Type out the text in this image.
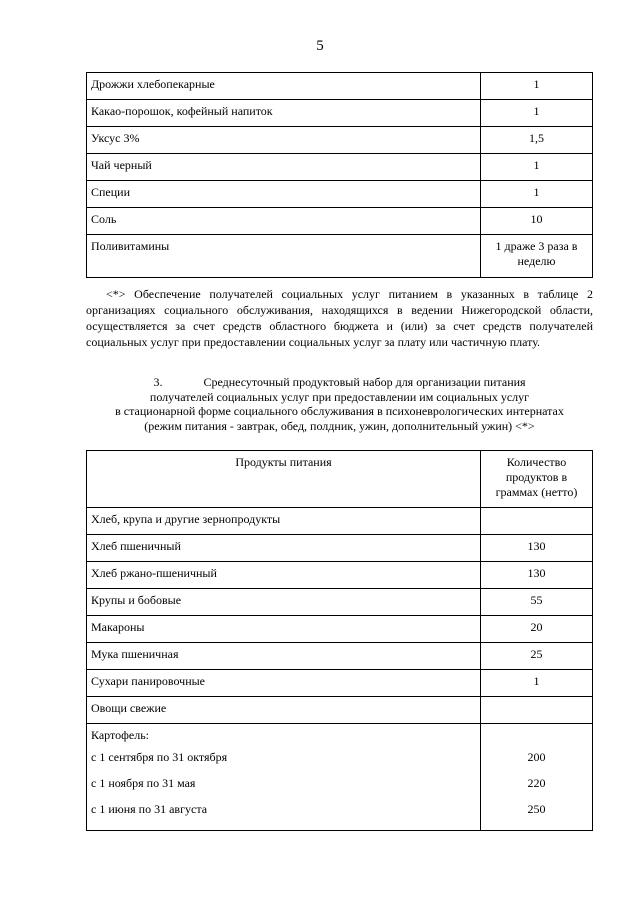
5
Дрожжи хлебопекарные	1
Какао-порошок, кофейный напиток	1
Уксус 3%	1,5
Чай черный	1
Специи	1
Соль	10
Поливитамины	1 драже 3 раза в
неделю
<*> Обеспечение получателей социальных услуг питанием в указанных в таблице 2 организациях социального обслуживания, находящихся в ведении Нижегородской области, осуществляется за счет средств областного бюджета и (или) за счет средств получателей социальных услуг при предоставлении социальных услуг за плату или частичную плату.
3.	Среднесуточный продуктовый набор для организации питания
получателей социальных услуг при предоставлении им социальных услуг
в стационарной форме социального обслуживания в психоневрологических интернатах
(режим питания - завтрак, обед, полдник, ужин, дополнительный ужин) <*>
Продукты питания	Количество
продуктов в
граммах (нетто)
Хлеб, крупа и другие зернопродукты	
Хлеб пшеничный	130
Хлеб ржано-пшеничный	130
Крупы и бобовые	55
Макароны	20
Мука пшеничная	25
Сухари панировочные	1
Овощи свежие	
Картофель:	
с 1 сентября по 31 октября	200
с 1 ноября по 31 мая	220
с 1 июня по 31 августа	250
